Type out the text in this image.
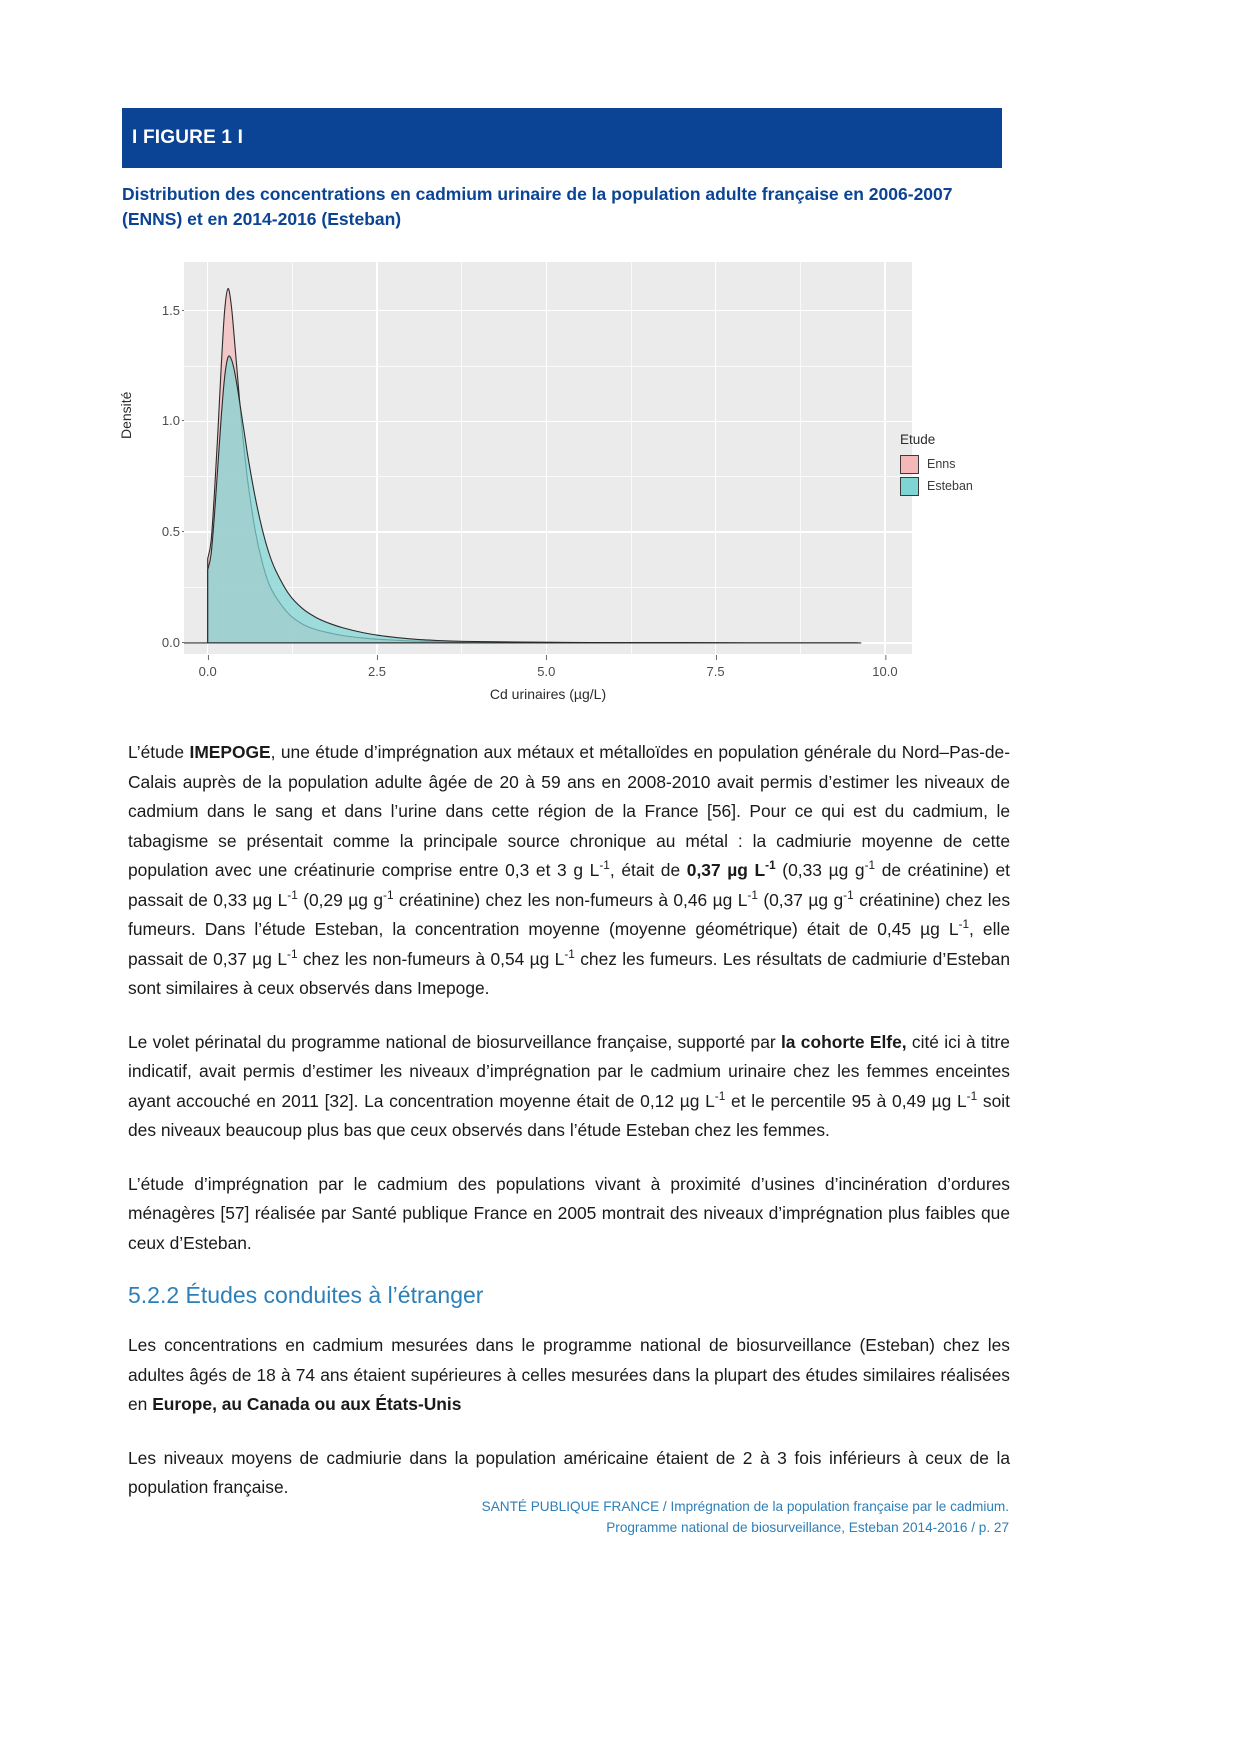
I FIGURE 1 I
Distribution des concentrations en cadmium urinaire de la population adulte française en 2006-2007 (ENNS) et en 2014-2016 (Esteban)
Densité
0.0
0.5
1.0
1.5
0.0	2.5	5.0	7.5	10.0
Cd urinaires (µg/L)
Etude
Enns
Esteban

L’étude IMEPOGE, une étude d’imprégnation aux métaux et métalloïdes en population générale du Nord–Pas-de-Calais auprès de la population adulte âgée de 20 à 59 ans en 2008-2010 avait permis d’estimer les niveaux de cadmium dans le sang et dans l’urine dans cette région de la France [56]. Pour ce qui est du cadmium, le tabagisme se présentait comme la principale source chronique au métal : la cadmiurie moyenne de cette population avec une créatinurie comprise entre 0,3 et 3 g $L^{-1}$, était de 0,37 µg $L^{-1}$ (0,33 µg $g^{-1}$ de créatinine) et passait de 0,33 µg $L^{-1}$ (0,29 µg $g^{-1}$ créatinine) chez les non-fumeurs à 0,46 µg $L^{-1}$ (0,37 µg $g^{-1}$ créatinine) chez les fumeurs. Dans l’étude Esteban, la concentration moyenne (moyenne géométrique) était de 0,45 µg $L^{-1}$, elle passait de 0,37 µg $L^{-1}$ chez les non-fumeurs à 0,54 µg $L^{-1}$ chez les fumeurs. Les résultats de cadmiurie d’Esteban sont similaires à ceux observés dans Imepoge.

Le volet périnatal du programme national de biosurveillance française, supporté par la cohorte Elfe, cité ici à titre indicatif, avait permis d’estimer les niveaux d’imprégnation par le cadmium urinaire chez les femmes enceintes ayant accouché en 2011 [32]. La concentration moyenne était de 0,12 µg $L^{-1}$ et le percentile 95 à 0,49 µg $L^{-1}$ soit des niveaux beaucoup plus bas que ceux observés dans l’étude Esteban chez les femmes.

L’étude d’imprégnation par le cadmium des populations vivant à proximité d’usines d’incinération d’ordures ménagères [57] réalisée par Santé publique France en 2005 montrait des niveaux d’imprégnation plus faibles que ceux d’Esteban.

5.2.2 Études conduites à l’étranger

Les concentrations en cadmium mesurées dans le programme national de biosurveillance (Esteban) chez les adultes âgés de 18 à 74 ans étaient supérieures à celles mesurées dans la plupart des études similaires réalisées en Europe, au Canada ou aux États-Unis

Les niveaux moyens de cadmiurie dans la population américaine étaient de 2 à 3 fois inférieurs à ceux de la population française.

SANTÉ PUBLIQUE FRANCE / Imprégnation de la population française par le cadmium.
Programme national de biosurveillance, Esteban 2014-2016 / p. 27
